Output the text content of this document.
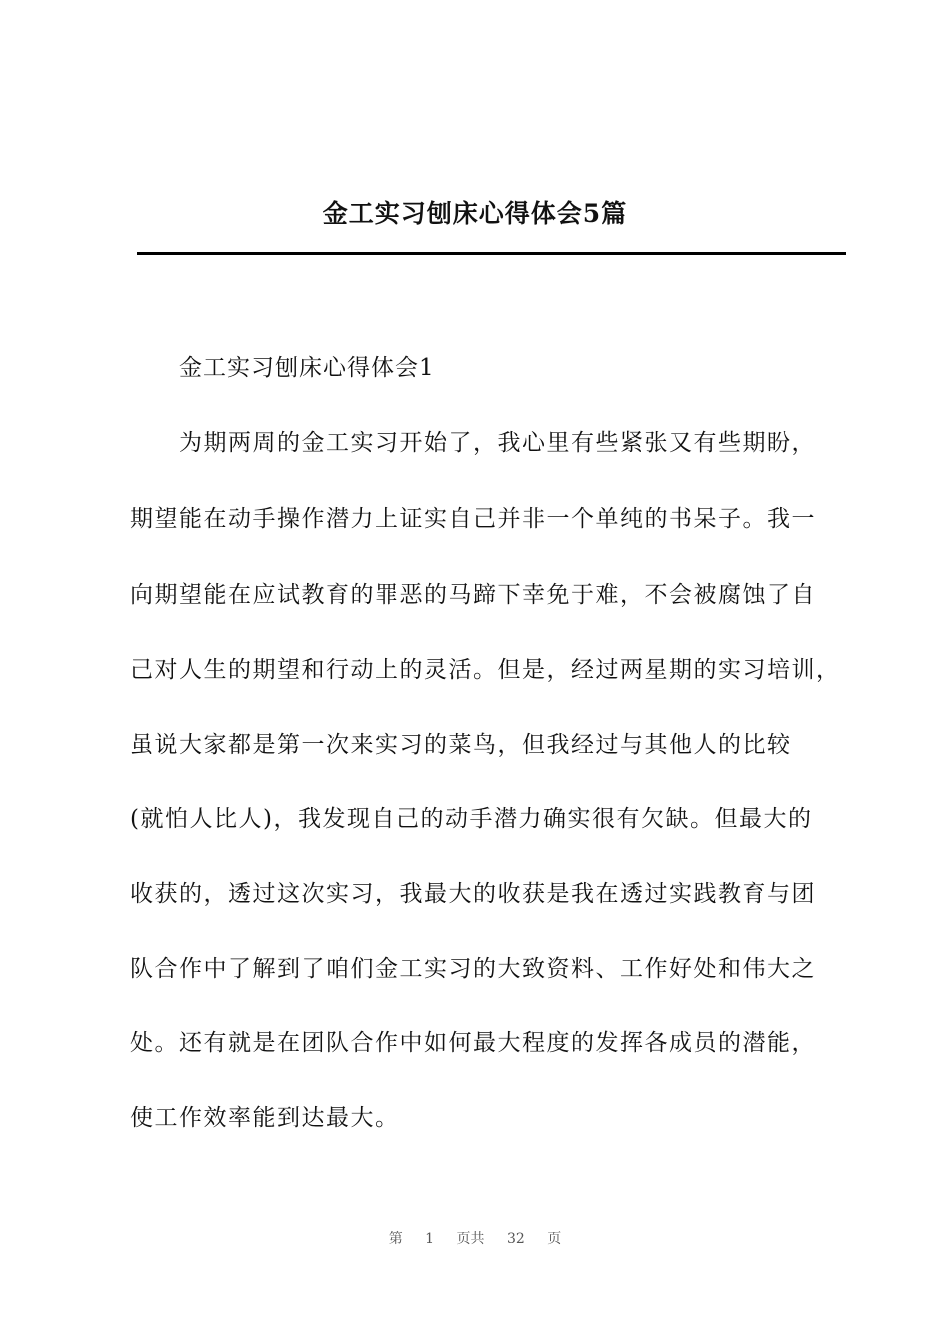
金工实习刨床心得体会5篇
金工实习刨床心得体会1
为期两周的金工实习开始了，我心里有些紧张又有些期盼，
期望能在动手操作潜力上证实自己并非一个单纯的书呆子。我一
向期望能在应试教育的罪恶的马蹄下幸免于难，不会被腐蚀了自
己对人生的期望和行动上的灵活。但是，经过两星期的实习培训，
虽说大家都是第一次来实习的菜鸟，但我经过与其他人的比较
(就怕人比人)，我发现自己的动手潜力确实很有欠缺。但最大的
收获的，透过这次实习，我最大的收获是我在透过实践教育与团
队合作中了解到了咱们金工实习的大致资料、工作好处和伟大之
处。还有就是在团队合作中如何最大程度的发挥各成员的潜能，
使工作效率能到达最大。
第 1 页共 32 页
